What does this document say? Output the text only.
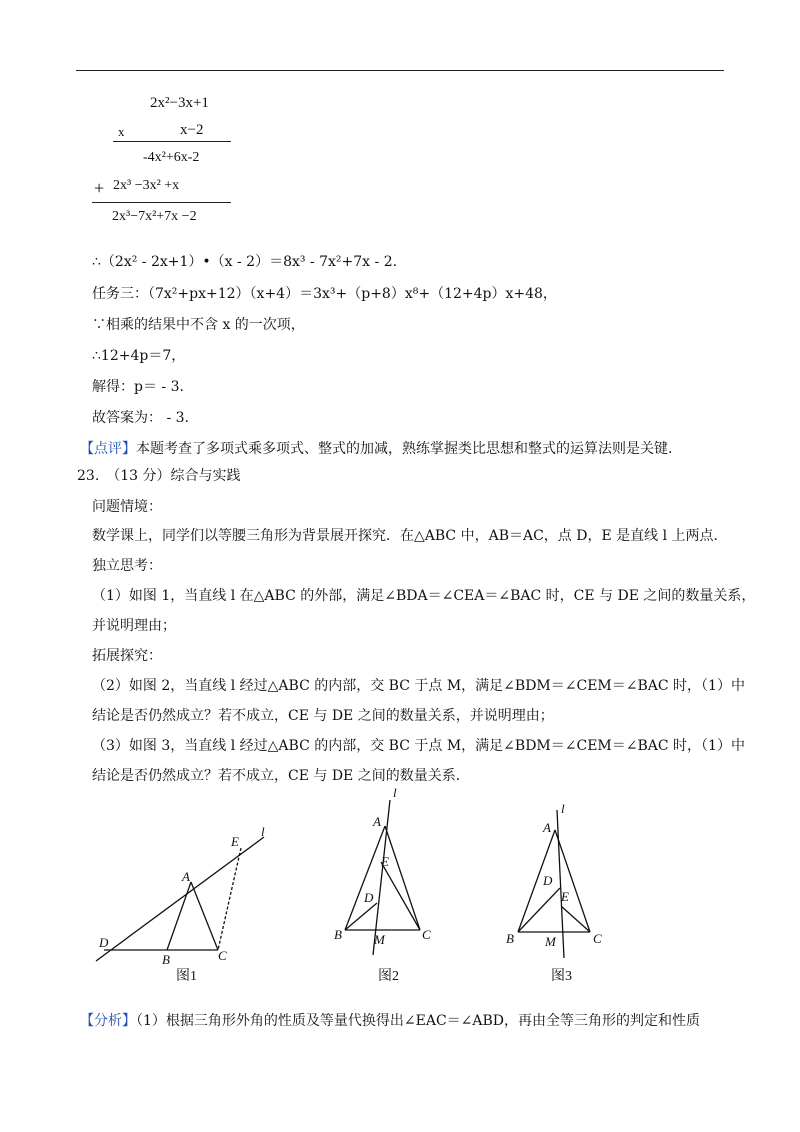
2x²−3x+1
x	x−2
-4x²+6x-2
+ 2x³ −3x² +x
2x³−7x²+7x −2
∴（2x² - 2x+1）•（x - 2）＝8x³ - 7x²+7x - 2.
任务三：（7x²+px+12）（x+4）＝3x³+（p+8）x⁸+（12+4p）x+48，
∵相乘的结果中不含 x 的一次项，
∴12+4p＝7，
解得：p＝ - 3.
故答案为： - 3.
【点评】本题考查了多项式乘多项式、整式的加减，熟练掌握类比思想和整式的运算法则是关键.
23.　（13 分）综合与实践
问题情境：
数学课上，同学们以等腰三角形为背景展开探究．在△ABC 中，AB＝AC，点 D，E 是直线 l 上两点．
独立思考：
（1）如图 1，当直线 l 在△ABC 的外部，满足∠BDA＝∠CEA＝∠BAC 时，CE 与 DE 之间的数量关系，
并说明理由；
拓展探究：
（2）如图 2，当直线 l 经过△ABC 的内部，交 BC 于点 M，满足∠BDM＝∠CEM＝∠BAC 时，（1）中
结论是否仍然成立？若不成立，CE 与 DE 之间的数量关系，并说明理由；
（3）如图 3，当直线 l 经过△ABC 的内部，交 BC 于点 M，满足∠BDM＝∠CEM＝∠BAC 时，（1）中
结论是否仍然成立？若不成立，CE 与 DE 之间的数量关系．
l
E
A
D
B	C
l
A
E
D
B M	C
l
A
D
E
B M	C
图1	图2	图3
【分析】（1）根据三角形外角的性质及等量代换得出∠EAC＝∠ABD，再由全等三角形的判定和性质
